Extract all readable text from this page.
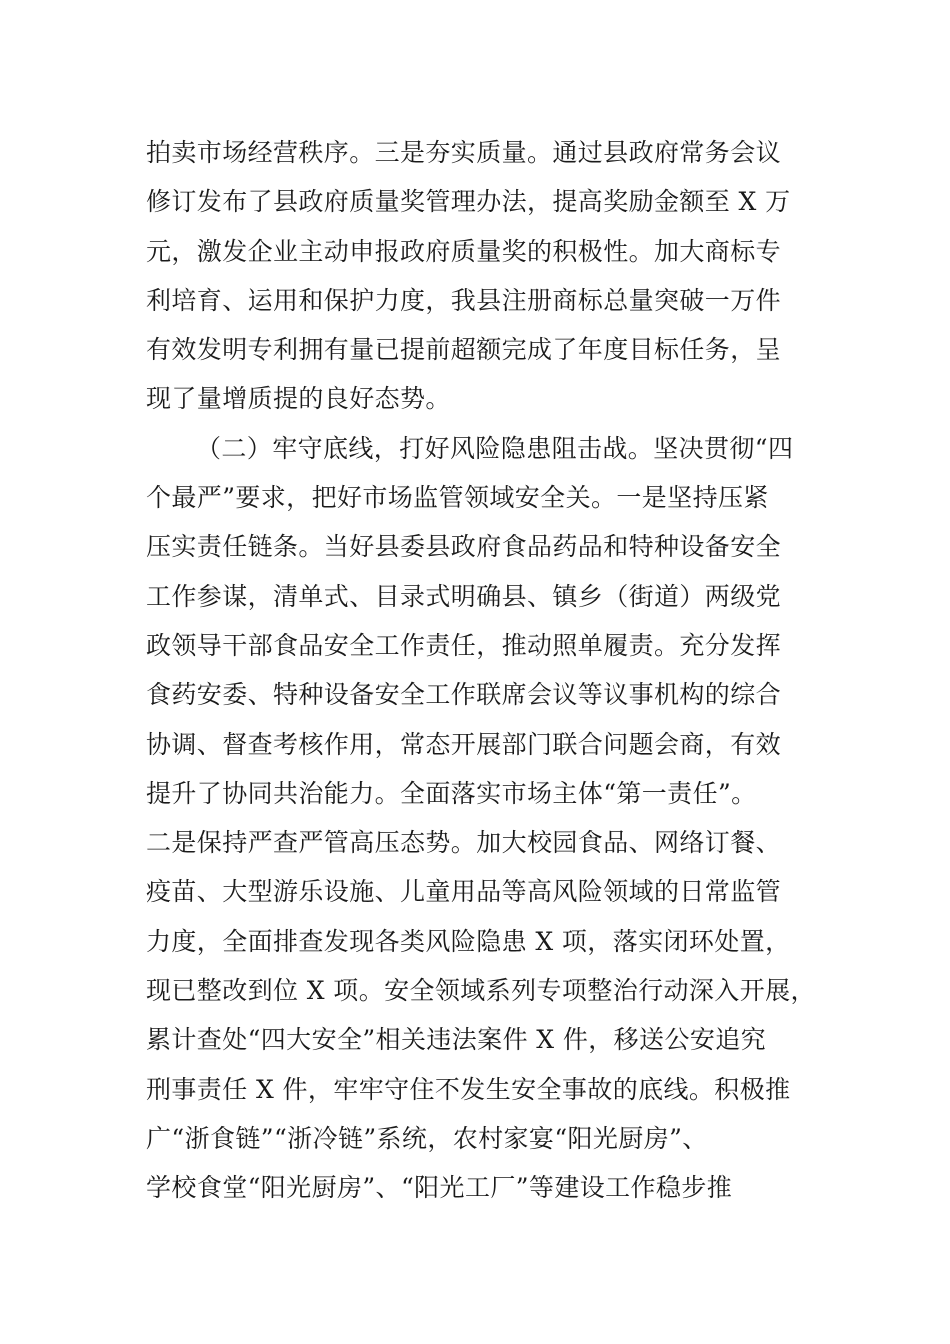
拍卖市场经营秩序。三是夯实质量。通过县政府常务会议
修订发布了县政府质量奖管理办法，提高奖励金额至 X 万
元，激发企业主动申报政府质量奖的积极性。加大商标专
利培育、运用和保护力度，我县注册商标总量突破一万件
有效发明专利拥有量已提前超额完成了年度目标任务，呈
现了量增质提的良好态势。
（二）牢守底线，打好风险隐患阻击战。坚决贯彻“四
个最严”要求，把好市场监管领域安全关。一是坚持压紧
压实责任链条。当好县委县政府食品药品和特种设备安全
工作参谋，清单式、目录式明确县、镇乡（街道）两级党
政领导干部食品安全工作责任，推动照单履责。充分发挥
食药安委、特种设备安全工作联席会议等议事机构的综合
协调、督查考核作用，常态开展部门联合问题会商，有效
提升了协同共治能力。全面落实市场主体“第一责任”。
二是保持严查严管高压态势。加大校园食品、网络订餐、
疫苗、大型游乐设施、儿童用品等高风险领域的日常监管
力度，全面排查发现各类风险隐患 X 项，落实闭环处置，
现已整改到位 X 项。安全领域系列专项整治行动深入开展，
累计查处“四大安全”相关违法案件 X 件，移送公安追究
刑事责任 X 件，牢牢守住不发生安全事故的底线。积极推
广“浙食链”“浙冷链”系统，农村家宴“阳光厨房”、
学校食堂“阳光厨房”、“阳光工厂”等建设工作稳步推
